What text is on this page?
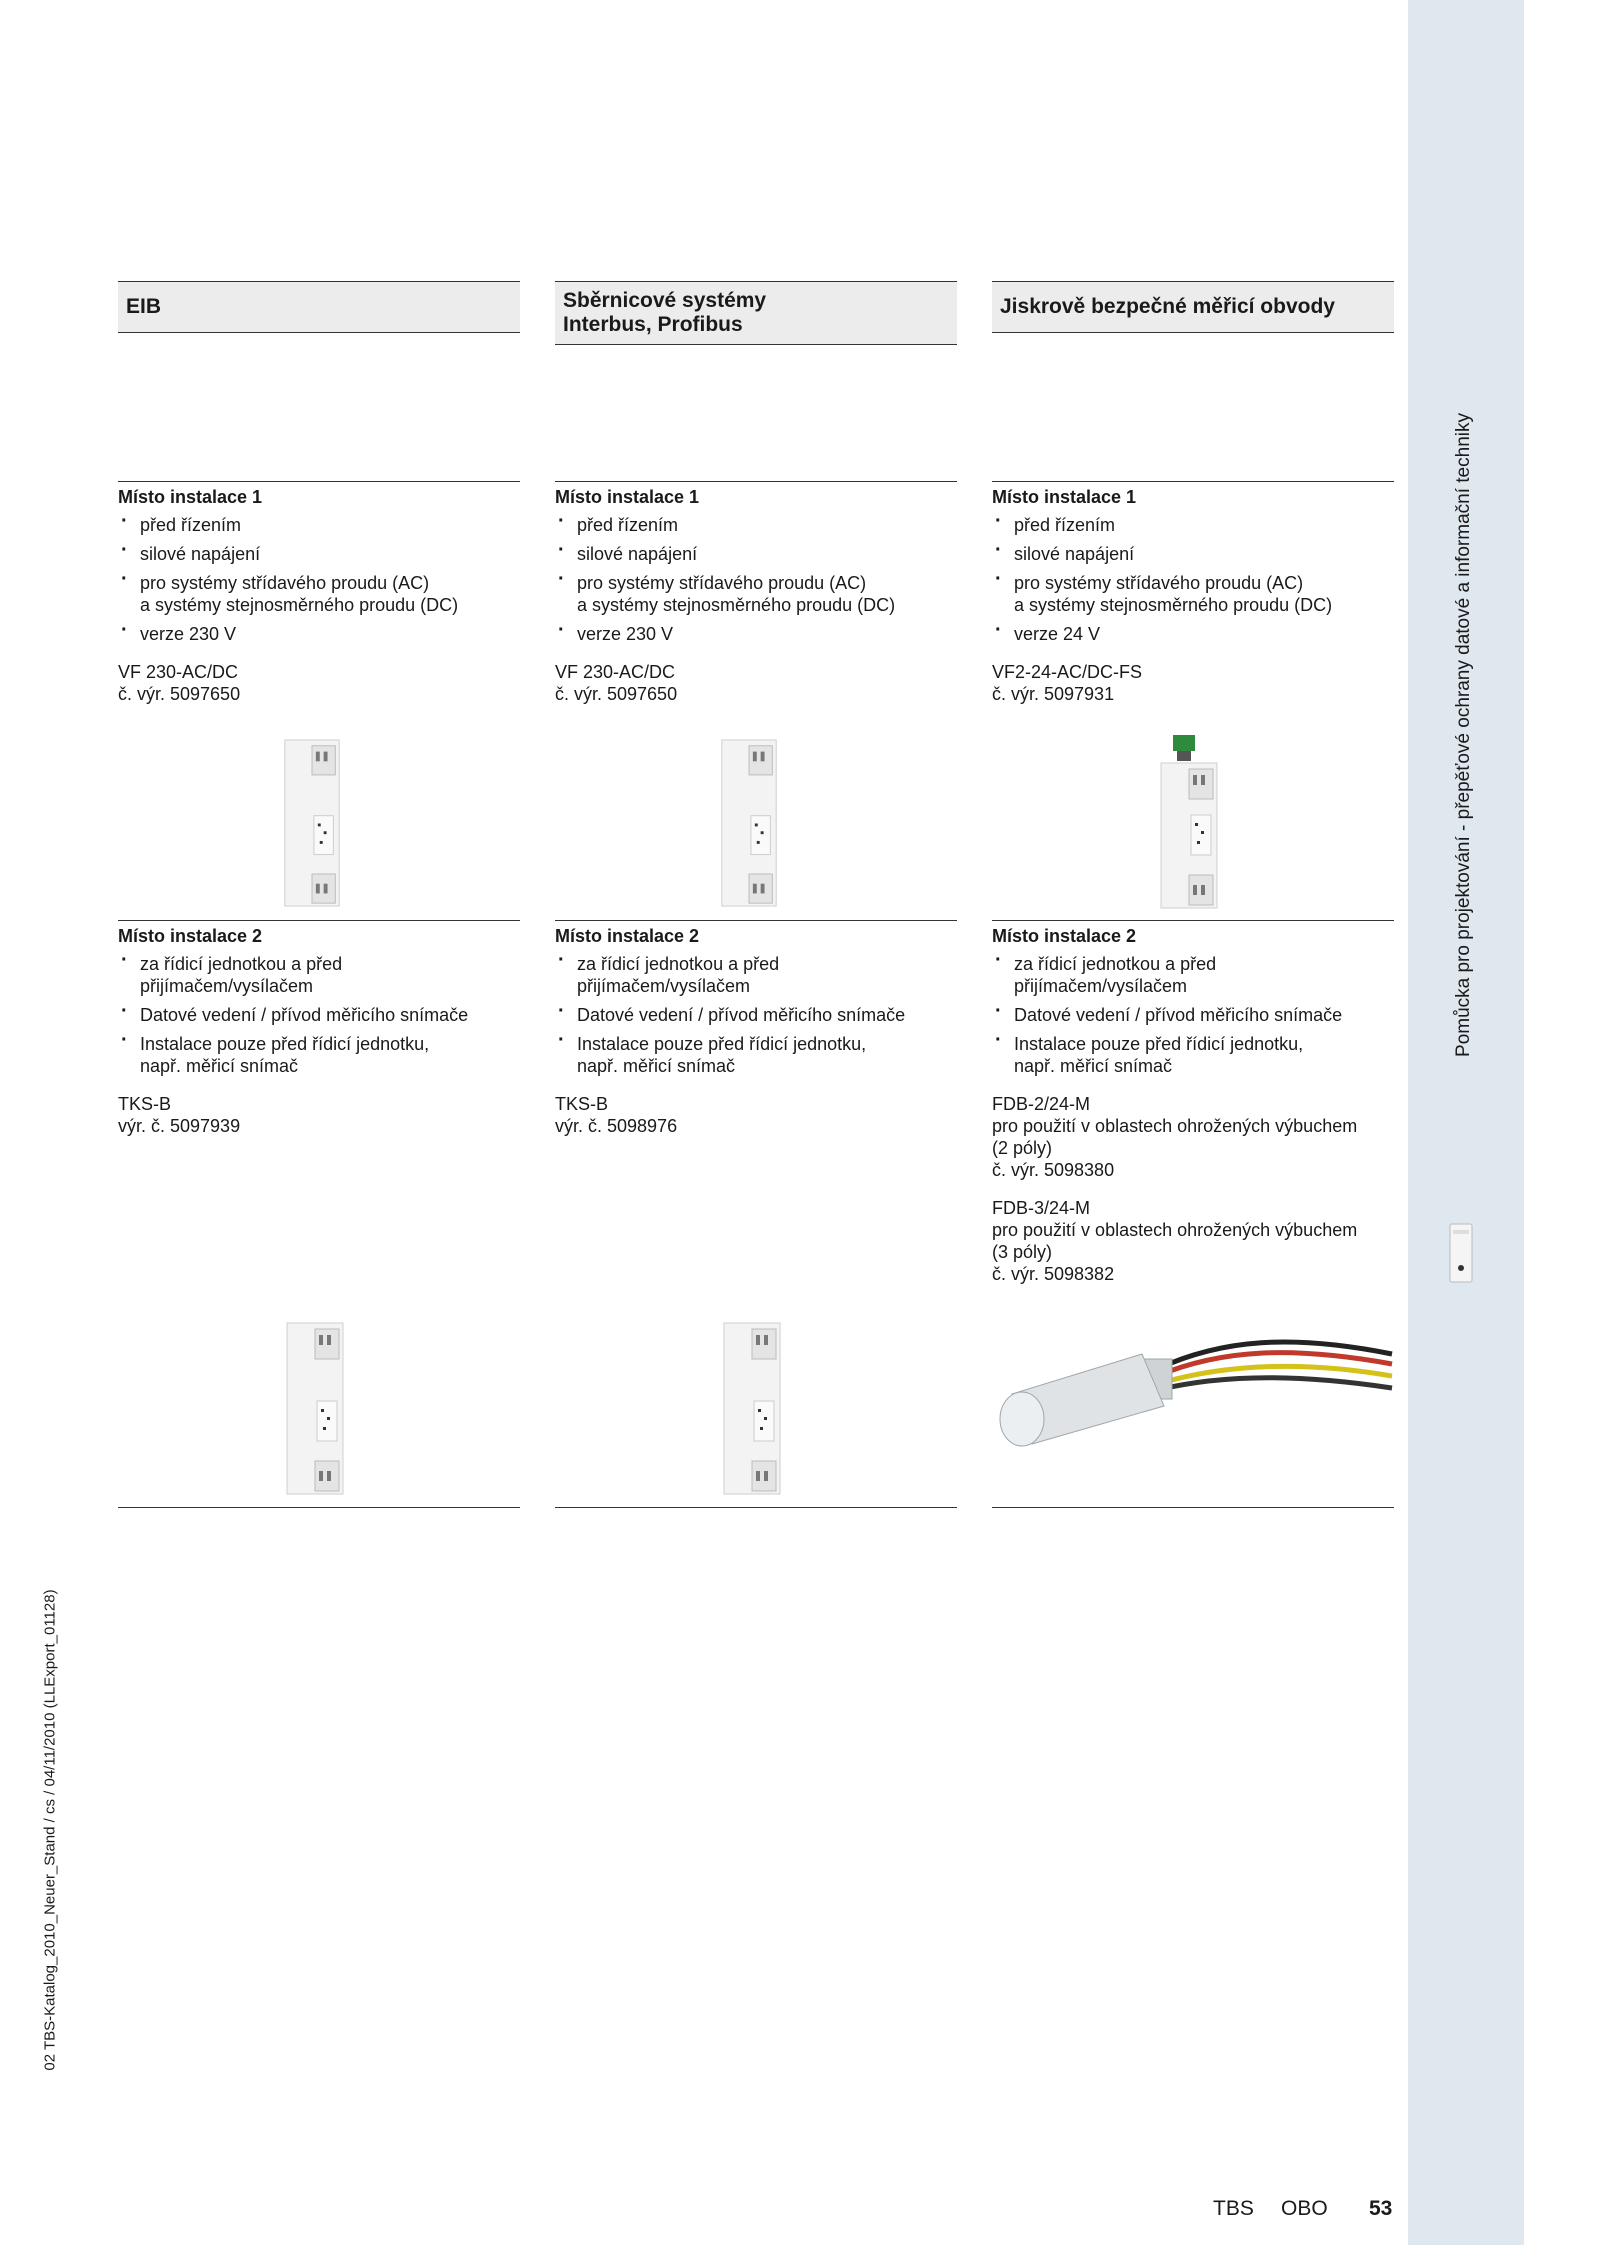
Pomůcka pro projektování - přepěťové ochrany datové a informační techniky
02 TBS-Katalog_2010_Neuer_Stand / cs / 04/11/2010 (LLExport_01128)
EIB
Místo instalace 1
· před řízením
· silové napájení
· pro systémy střídavého proudu (AC)
a systémy stejnosměrného proudu (DC)
· verze 230 V
VF 230-AC/DC
č. výr. 5097650
Místo instalace 2
· za řídicí jednotkou a před
přijímačem/vysílačem
· Datové vedení / přívod měřicího snímače
· Instalace pouze před řídicí jednotku,
např. měřicí snímač
TKS-B
výr. č. 5097939
Sběrnicové systémy
Interbus, Profibus
Místo instalace 1
· před řízením
· silové napájení
· pro systémy střídavého proudu (AC)
a systémy stejnosměrného proudu (DC)
· verze 230 V
VF 230-AC/DC
č. výr. 5097650
Místo instalace 2
· za řídicí jednotkou a před
přijímačem/vysílačem
· Datové vedení / přívod měřicího snímače
· Instalace pouze před řídicí jednotku,
např. měřicí snímač
TKS-B
výr. č. 5098976
Jiskrově bezpečné měřicí obvody
Místo instalace 1
· před řízením
· silové napájení
· pro systémy střídavého proudu (AC)
a systémy stejnosměrného proudu (DC)
· verze 24 V
VF2-24-AC/DC-FS
č. výr. 5097931
Místo instalace 2
· za řídicí jednotkou a před
přijímačem/vysílačem
· Datové vedení / přívod měřicího snímače
· Instalace pouze před řídicí jednotku,
např. měřicí snímač
FDB-2/24-M
pro použití v oblastech ohrožených výbuchem
(2 póly)
č. výr. 5098380
FDB-3/24-M
pro použití v oblastech ohrožených výbuchem
(3 póly)
č. výr. 5098382
TBS OBO 53
